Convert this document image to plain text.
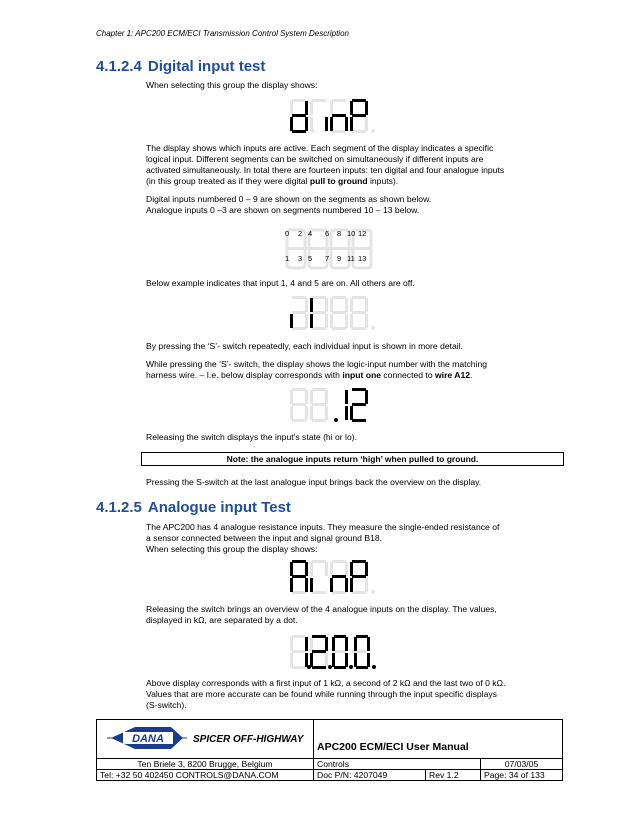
Chapter 1: APC200 ECM/ECI Transmission Control System Description
4.1.2.4 Digital input test
When selecting this group the display shows:
The display shows which inputs are active. Each segment of the display indicates a specific
logical input. Different segments can be switched on simultaneously if different inputs are
activated simultaneously. In total there are fourteen inputs: ten digital and four analogue inputs
(in this group treated as if they were digital pull to ground inputs).
Digital inputs numbered 0 – 9 are shown on the segments as shown below.
Analogue inputs 0 –3 are shown on segments numbered 10 – 13 below.
0 2 4 6 8 10 12
1 3 5 7 9 11 13
Below example indicates that input 1, 4 and 5 are on. All others are off.
By pressing the ‘S’- switch repeatedly, each individual input is shown in more detail.
While pressing the ‘S’- switch, the display shows the logic-input number with the matching
harness wire. – I.e. below display corresponds with input one connected to wire A12.
Releasing the switch displays the input’s state (hi or lo).
Note: the analogue inputs return ‘high’ when pulled to ground.
Pressing the S-switch at the last analogue input brings back the overview on the display.
4.1.2.5 Analogue input Test
The APC200 has 4 analogue resistance inputs. They measure the single-ended resistance of
a sensor connected between the input and signal ground B18.
When selecting this group the display shows:
Releasing the switch brings an overview of the 4 analogue inputs on the display. The values,
displayed in kΩ, are separated by a dot.
Above display corresponds with a first input of 1 kΩ, a second of 2 kΩ and the last two of 0 kΩ.
Values that are more accurate can be found while running through the input specific displays
(S-switch).
DANA SPICER OFF-HIGHWAY	APC200 ECM/ECI User Manual		
Ten Briele 3, 8200 Brugge, Belgium	Controls		07/03/05
Tel: +32 50 402450 CONTROLS@DANA.COM	Doc P/N: 4207049	Rev 1.2	Page: 34 of 133
